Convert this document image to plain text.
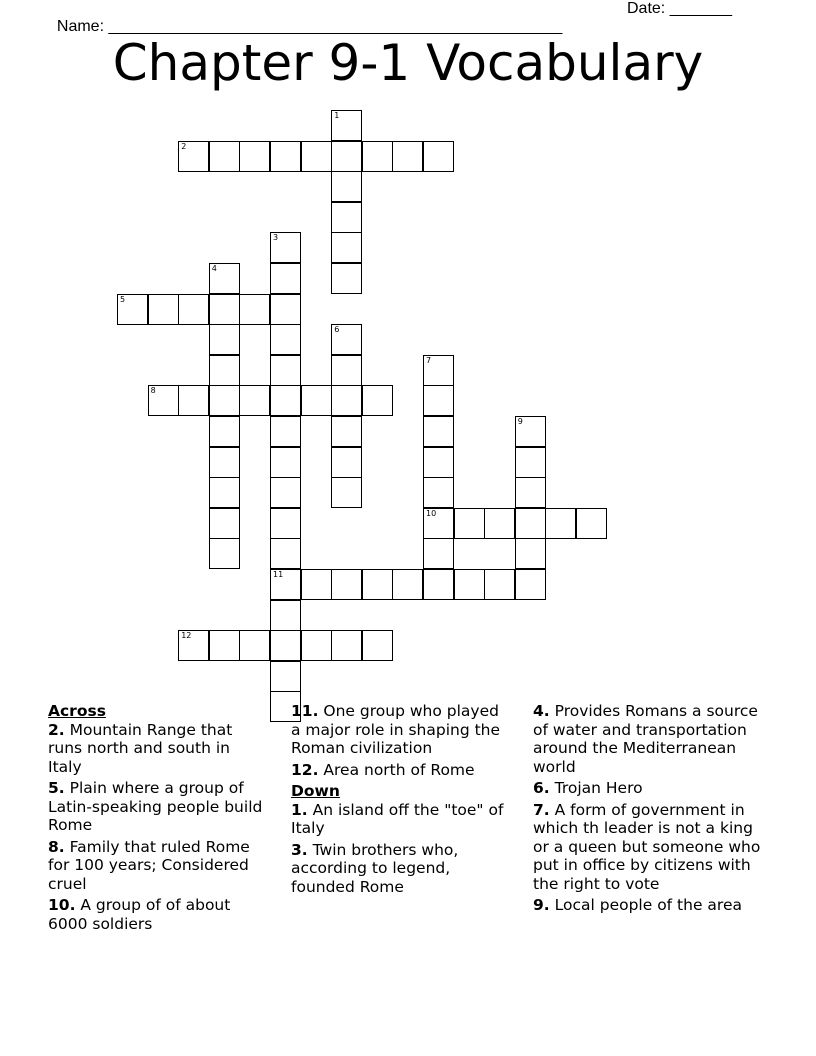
Name: ___________________________________________________

Date: _______

Chapter 9-1 Vocabulary
1
2
3
11
4
5
6
7
10
8
9
12
Across
2. Mountain Range that runs north and south in Italy
5. Plain where a group of Latin-speaking people build Rome
8. Family that ruled Rome for 100 years; Considered cruel
10. A group of of about 6000 soldiers
11. One group who played a major role in shaping the Roman civilization
12. Area north of Rome
Down
1. An island off the "toe" of Italy
3. Twin brothers who, according to legend, founded Rome
4. Provides Romans a source of water and transportation around the Mediterranean world
6. Trojan Hero
7. A form of government in which th leader is not a king or a queen but someone who put in office by citizens with the right to vote
9. Local people of the area
